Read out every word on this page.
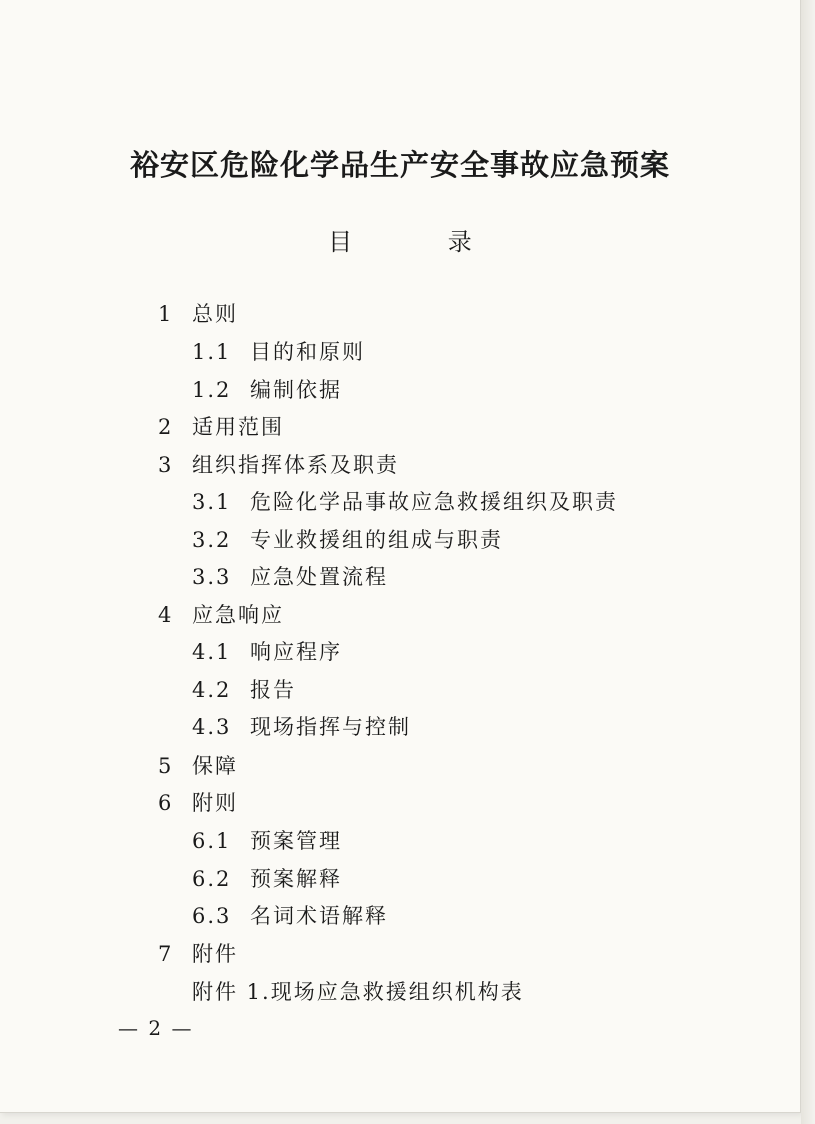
裕安区危险化学品生产安全事故应急预案
目 录
1 总则
1.1 目的和原则
1.2 编制依据
2 适用范围
3 组织指挥体系及职责
3.1 危险化学品事故应急救援组织及职责
3.2 专业救援组的组成与职责
3.3 应急处置流程
4 应急响应
4.1 响应程序
4.2 报告
4.3 现场指挥与控制
5 保障
6 附则
6.1 预案管理
6.2 预案解释
6.3 名词术语解释
7 附件
附件 1.现场应急救援组织机构表
— 2 —
